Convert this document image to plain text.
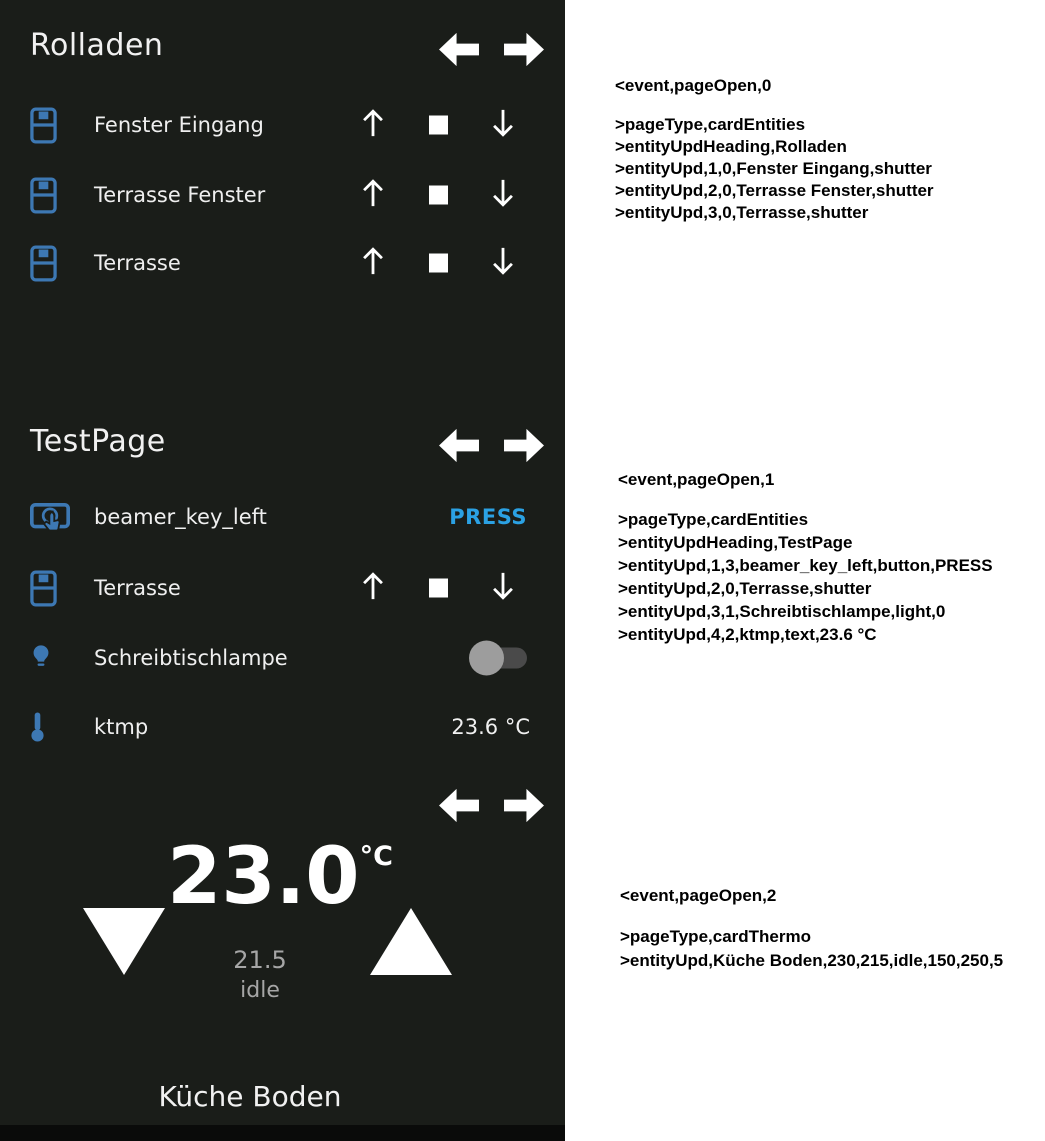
Rolladen
Fenster Eingang
Terrasse Fenster
Terrasse
TestPage
beamer_key_left	PRESS
Terrasse
Schreibtischlampe
ktmp	23.6 °C
$23.0^{^\circ C}$
21.5
idle
Küche Boden
<event,pageOpen,0
>pageType,cardEntities
>entityUpdHeading,Rolladen
>entityUpd,1,0,Fenster Eingang,shutter
>entityUpd,2,0,Terrasse Fenster,shutter
>entityUpd,3,0,Terrasse,shutter
<event,pageOpen,1
>pageType,cardEntities
>entityUpdHeading,TestPage
>entityUpd,1,3,beamer_key_left,button,PRESS
>entityUpd,2,0,Terrasse,shutter
>entityUpd,3,1,Schreibtischlampe,light,0
>entityUpd,4,2,ktmp,text,23.6 °C
<event,pageOpen,2
>pageType,cardThermo
>entityUpd,Küche Boden,230,215,idle,150,250,5
